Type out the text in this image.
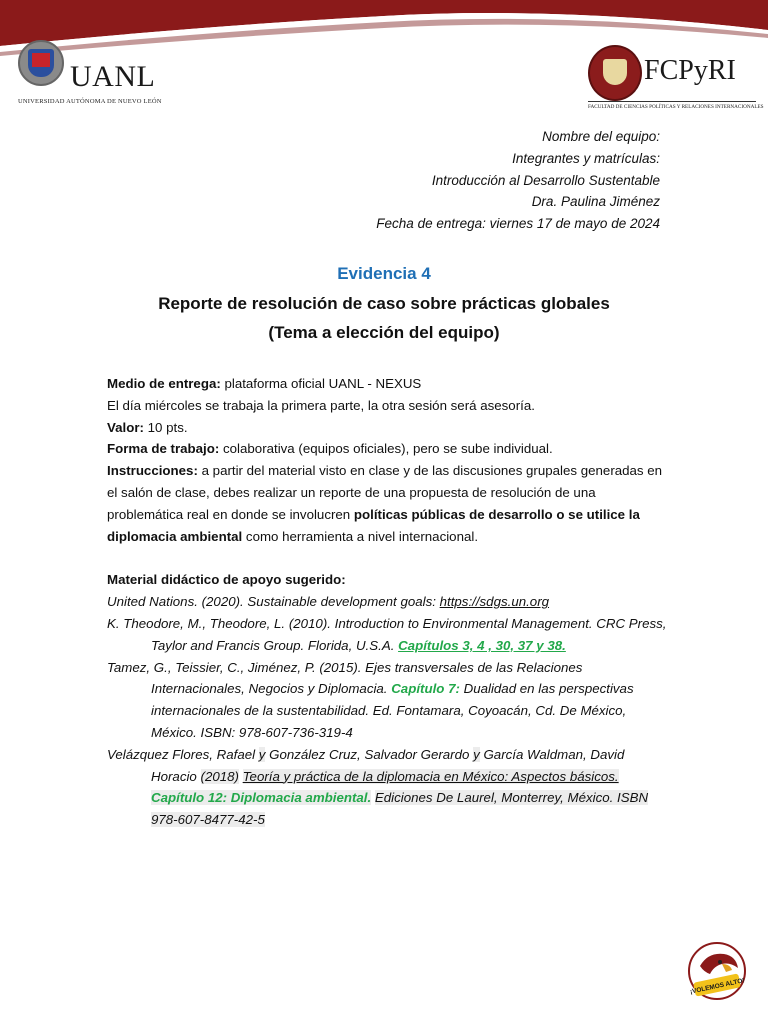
UANL
UNIVERSIDAD AUTÓNOMA DE NUEVO LEÓN
FCPyRI
FACULTAD DE CIENCIAS POLÍTICAS Y RELACIONES INTERNACIONALES
Nombre del equipo:
Integrantes y matrículas:
Introducción al Desarrollo Sustentable
Dra. Paulina Jiménez
Fecha de entrega: viernes 17 de mayo de 2024
Evidencia 4
Reporte de resolución de caso sobre prácticas globales
(Tema a elección del equipo)

Medio de entrega: plataforma oficial UANL - NEXUS

El día miércoles se trabaja la primera parte, la otra sesión será asesoría.

Valor: 10 pts.

Forma de trabajo: colaborativa (equipos oficiales), pero se sube individual.

Instrucciones: a partir del material visto en clase y de las discusiones grupales generadas en el salón de clase, debes realizar un reporte de una propuesta de resolución de una problemática real en donde se involucren políticas públicas de desarrollo o se utilice la diplomacia ambiental como herramienta a nivel internacional.

Material didáctico de apoyo sugerido:

United Nations. (2020). Sustainable development goals: https://sdgs.un.org

K. Theodore, M., Theodore, L. (2010). Introduction to Environmental Management. CRC Press, Taylor and Francis Group. Florida, U.S.A. Capítulos 3, 4 , 30, 37 y 38.

Tamez, G., Teissier, C., Jiménez, P. (2015). Ejes transversales de las Relaciones Internacionales, Negocios y Diplomacia. Capítulo 7: Dualidad en las perspectivas internacionales de la sustentabilidad. Ed. Fontamara, Coyoacán, Cd. De México, México. ISBN: 978-607-736-319-4

Velázquez Flores, Rafael y González Cruz, Salvador Gerardo y García Waldman, David Horacio (2018) Teoría y práctica de la diplomacia en México: Aspectos básicos. Capítulo 12: Diplomacia ambiental. Ediciones De Laurel, Monterrey, México. ISBN 978-607-8477-42-5

¡VOLEMOS ALTO!
